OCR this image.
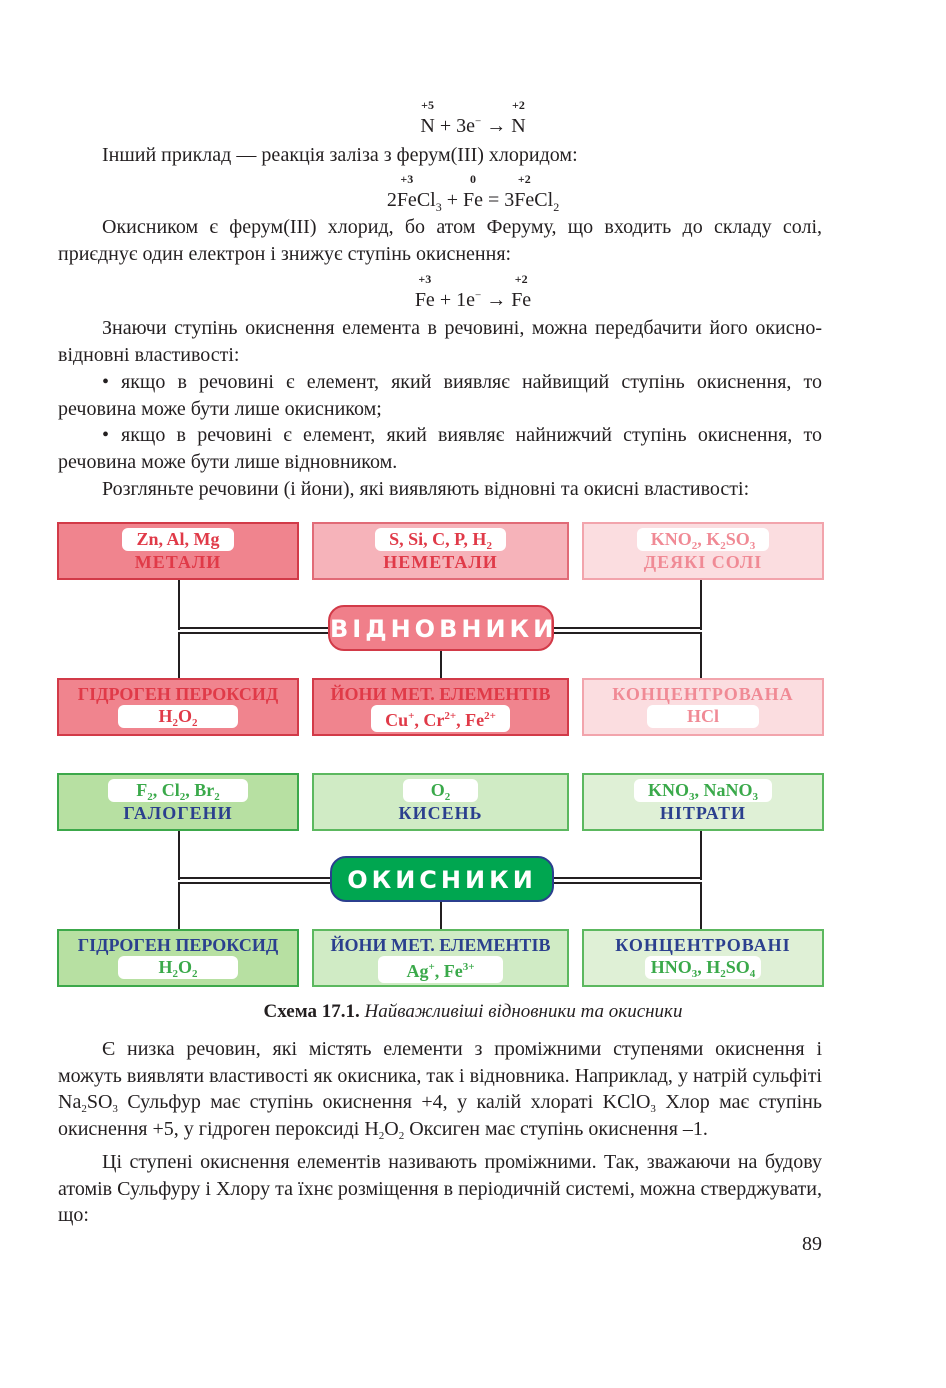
+5
N + 3e− →
+2
N

Інший приклад — реакція заліза з ферум(ІІІ) хлоридом:

2
+3
FeCl$_3$ +
0
Fe = 3
+2
FeCl$_2$

Окисником є ферум(ІІІ) хлорид, бо атом Феруму, що входить до складу солі, приєднує один електрон і знижує ступінь окиснення:

+3
Fe + 1e− →
+2
Fe

Знаючи ступінь окиснення елемента в речовині, можна передбачити його окисно-відновні властивості:

• якщо в речовині є елемент, який виявляє найвищий ступінь окиснення, то речовина може бути лише окисником;

• якщо в речовині є елемент, який виявляє найнижчий ступінь окиснення, то речовина може бути лише відновником.

Розгляньте речовини (і йони), які виявляють відновні та окисні властивості:

Zn, Al, Mg
МЕТАЛИ
S, Si, C, P, $H_2$
НЕМЕТАЛИ
$KNO_2$, $K_2SO_3$
ДЕЯКІ СОЛІ
ВІДНОВНИКИ
ГІДРОГЕН ПЕРОКСИД
$H_2O_2$
ЙОНИ МЕТ. ЕЛЕМЕНТІВ
Cu+, $Cr^{2+}$, $Fe^{2+}$
КОНЦЕНТРОВАНА
HCl
$F_2$, $Cl_2$, $Br_2$
ГАЛОГЕНИ
$O_2$
КИСЕНЬ
$KNO_3$, NaNO$_3$
НІТРАТИ
ОКИСНИКИ
ГІДРОГЕН ПЕРОКСИД
$H_2O_2$
ЙОНИ МЕТ. ЕЛЕМЕНТІВ
Ag+, $Fe^{3+}$
КОНЦЕНТРОВАНІ
$HNO_3$, $H_2SO_4$
Схема 17.1. Найважливіші відновники та окисники

Є низка речовин, які містять елементи з проміжними ступенями окиснення і можуть виявляти властивості як окисника, так і відновника. Наприклад, у натрій сульфіті $Na_2SO_3$ Сульфур має ступінь окиснення +4, у калій хлораті KClO$_3$ Хлор має ступінь окиснення +5, у гідроген пероксиді $H_2O_2$ Оксиген має ступінь окиснення –1.

Ці ступені окиснення елементів називають проміжними. Так, зважаючи на будову атомів Сульфуру і Хлору та їхнє розміщення в періодичній системі, можна стверджувати, що:

89
